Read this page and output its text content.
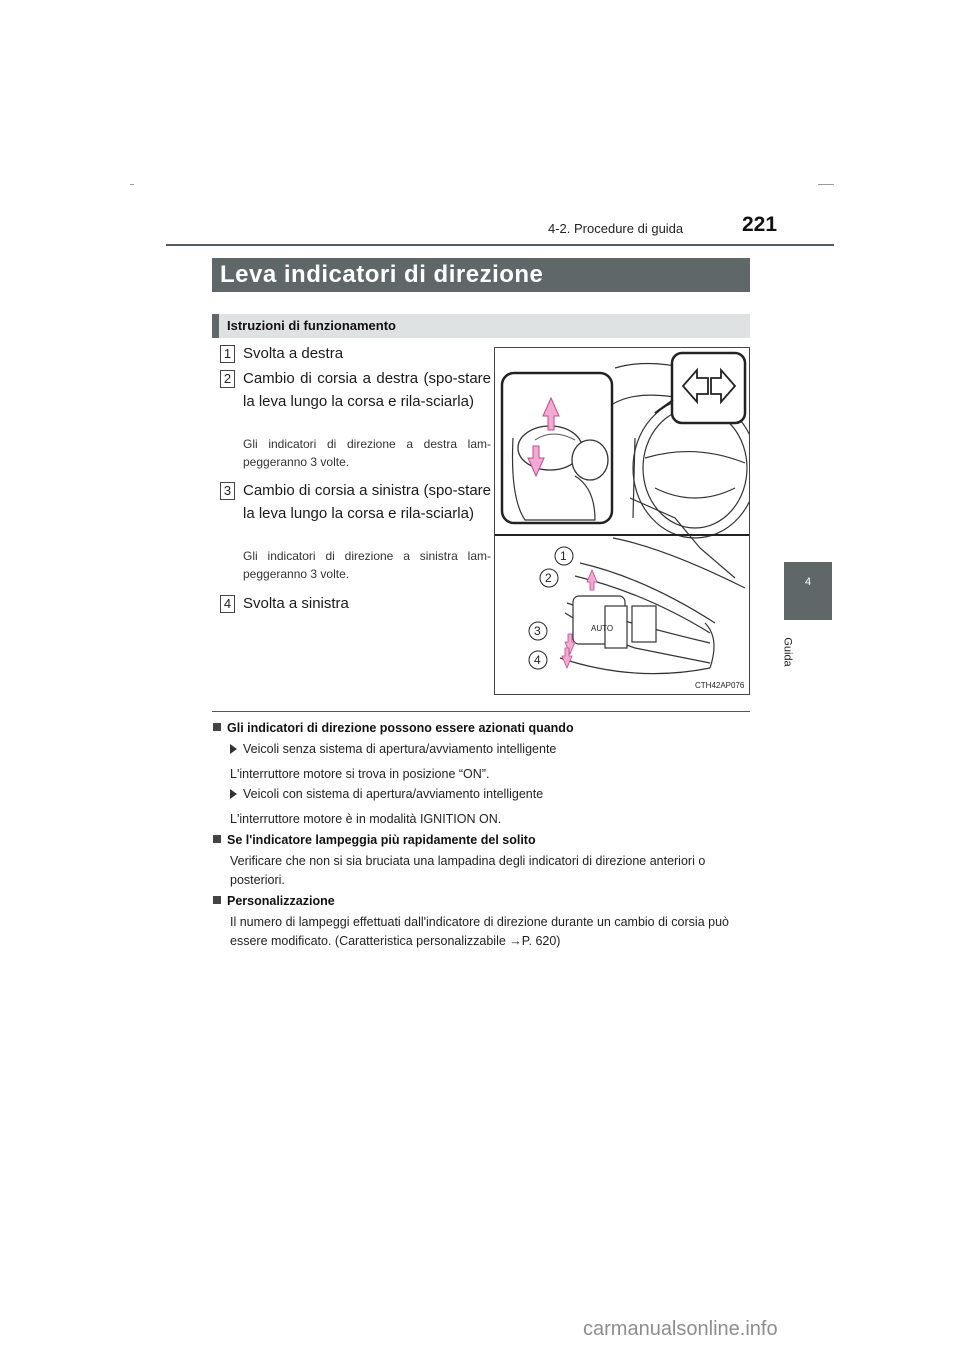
221
4-2. Procedure di guida
4
Guida
Leva indicatori di direzione
Istruzioni di funzionamento
1 Svolta a destra
2 Cambio di corsia a destra (spo-stare la leva lungo la corsa e rila-sciarla)
Gli indicatori di direzione a destra lam-peggeranno 3 volte.
3 Cambio di corsia a sinistra (spo-stare la leva lungo la corsa e rila-sciarla)
Gli indicatori di direzione a sinistra lam-peggeranno 3 volte.
4 Svolta a sinistra
AUTO
1
2
3
4
CTH42AP076
Gli indicatori di direzione possono essere azionati quando
Veicoli senza sistema di apertura/avviamento intelligente
L'interruttore motore si trova in posizione “ON”.
Veicoli con sistema di apertura/avviamento intelligente
L'interruttore motore è in modalità IGNITION ON.
Se l'indicatore lampeggia più rapidamente del solito
Verificare che non si sia bruciata una lampadina degli indicatori di direzione anteriori o posteriori.
Personalizzazione
Il numero di lampeggi effettuati dall'indicatore di direzione durante un cambio di corsia può essere modificato. (Caratteristica personalizzabile →P. 620)
carmanualsonline.info
